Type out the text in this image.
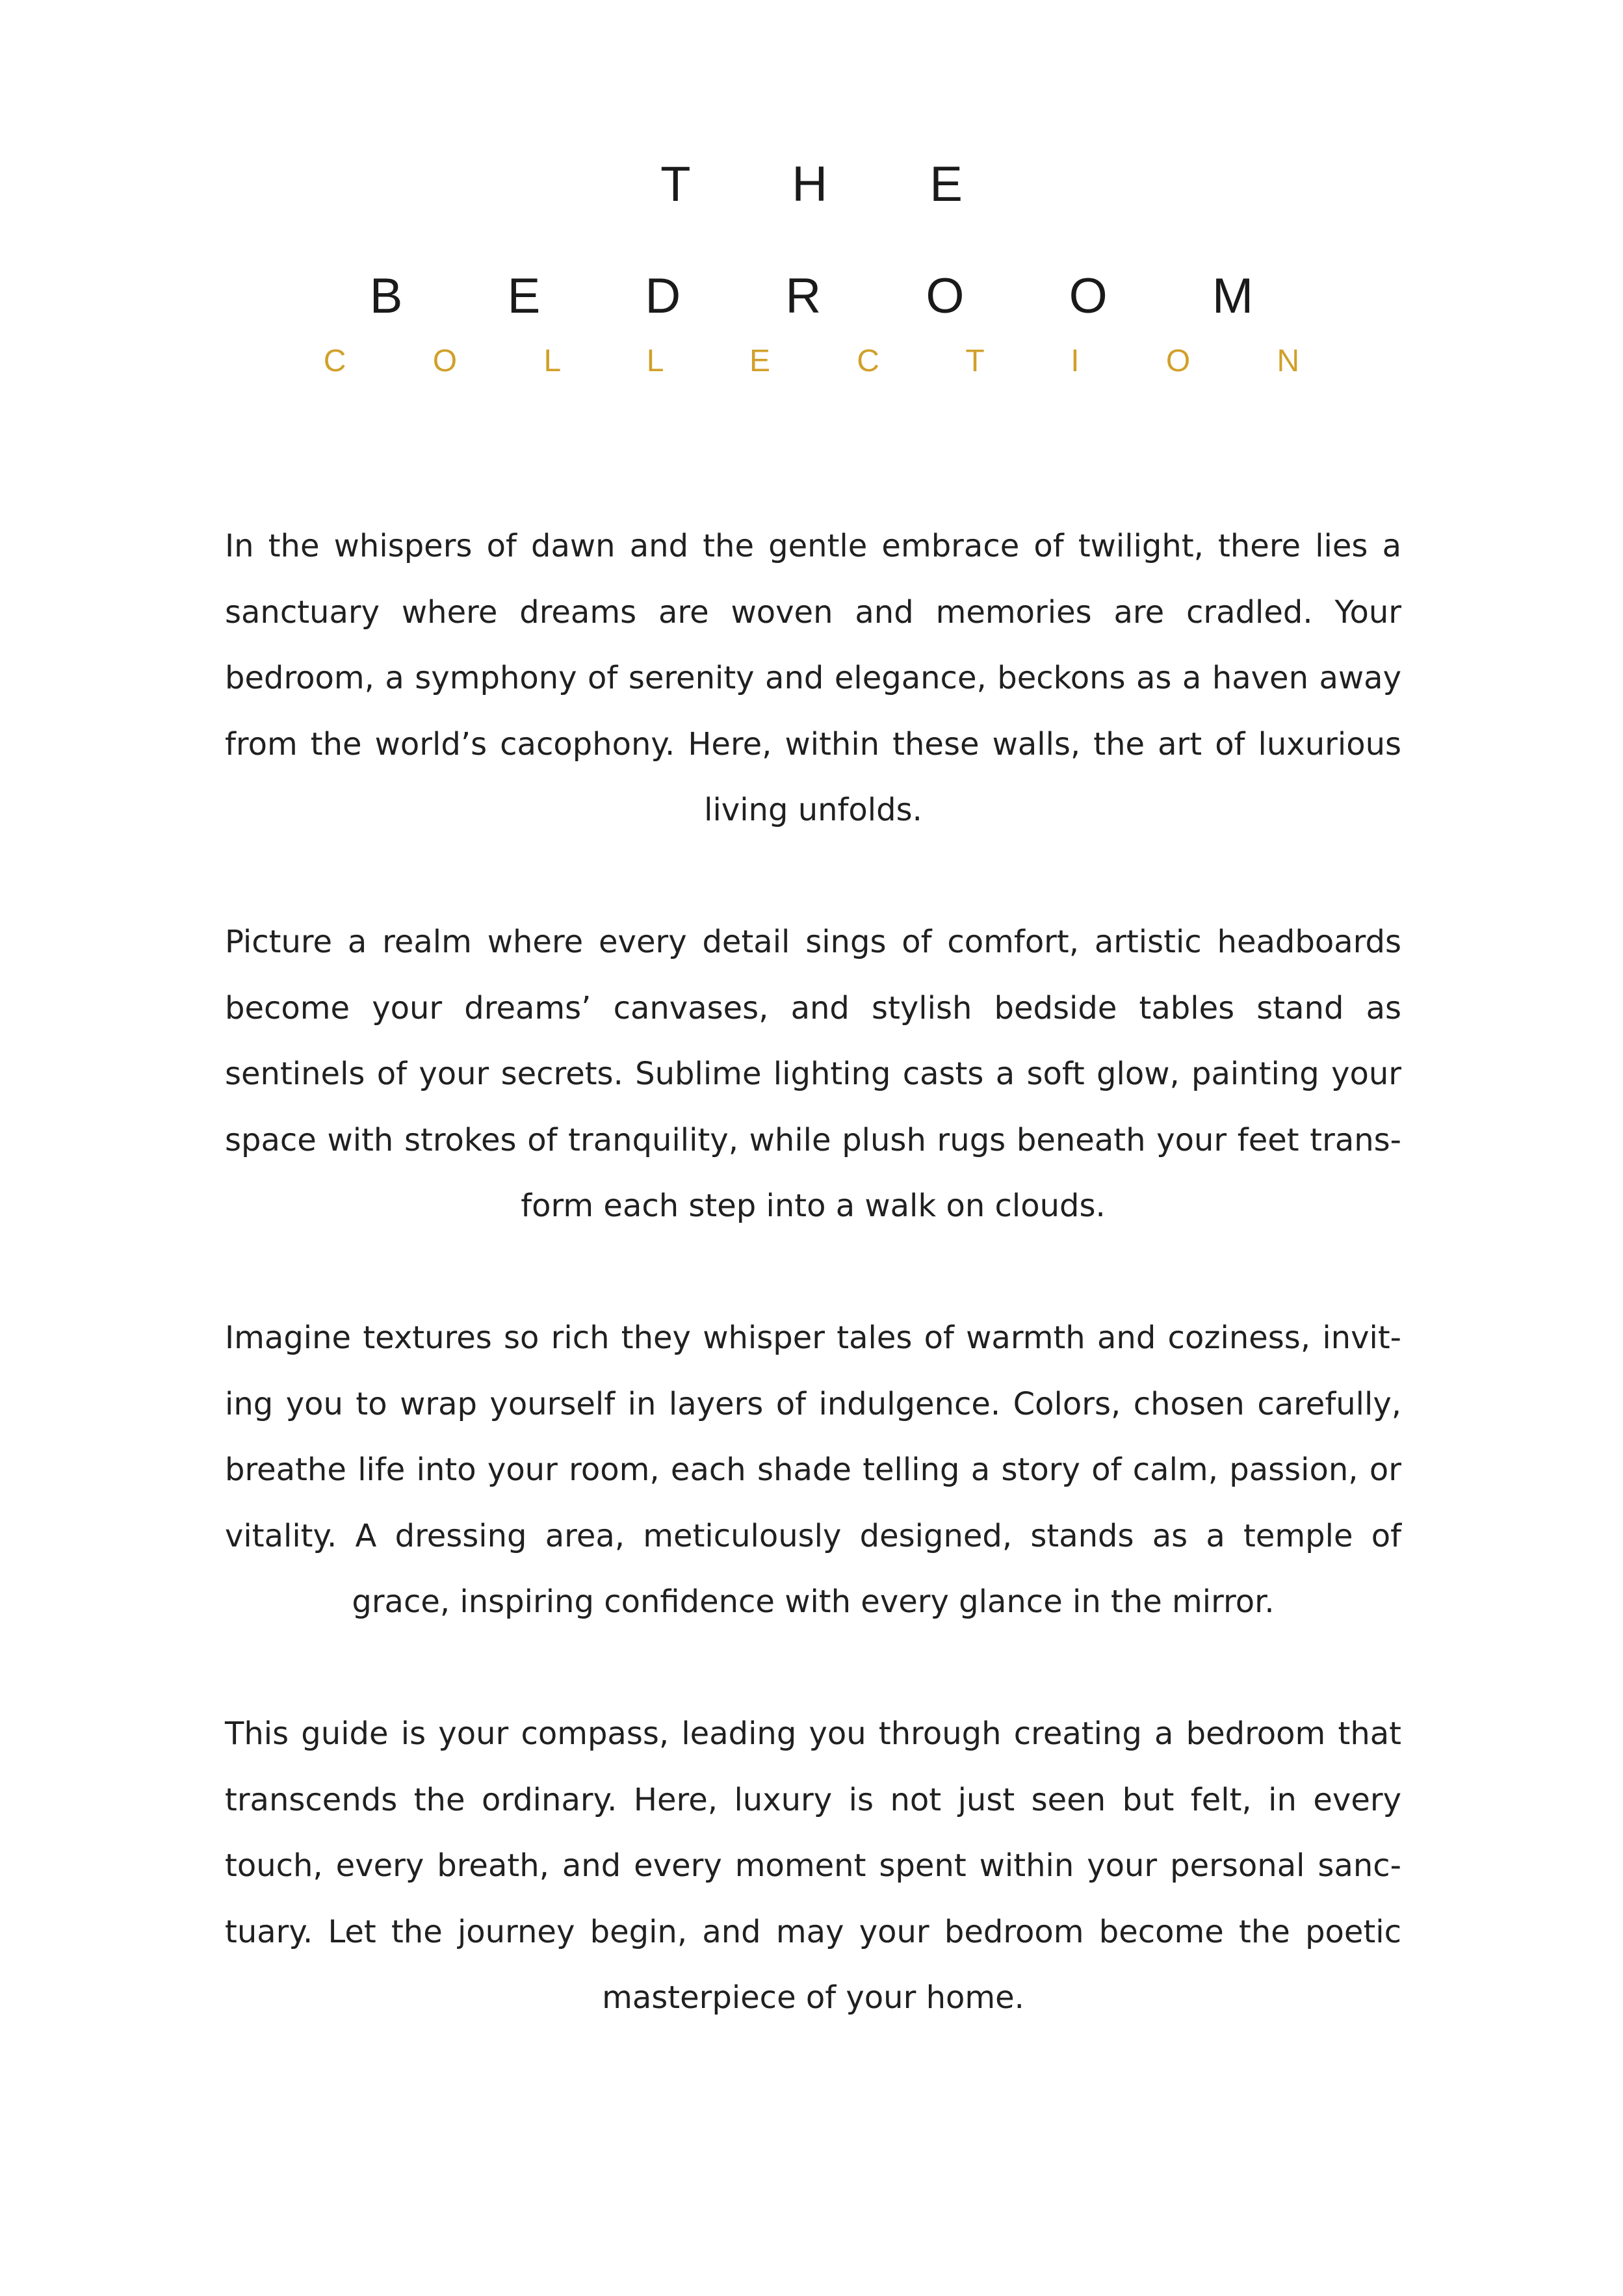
T H E
B E D R O O M
C O L L E C T I O N

In the whispers of dawn and the gentle embrace of twilight, there lies a sanctuary where dreams are woven and memories are cradled. Your bedroom, a symphony of serenity and elegance, beckons as a haven away from the world’s cacophony. Here, within these walls, the art of luxurious living unfolds.

Picture a realm where every detail sings of comfort, artistic headboards become your dreams’ canvases, and stylish bedside tables stand as sentinels of your secrets. Sublime lighting casts a soft glow, painting your space with strokes of tranquility, while plush rugs beneath your feet transform each step into a walk on clouds.

Imagine textures so rich they whisper tales of warmth and coziness, inviting you to wrap yourself in layers of indulgence. Colors, chosen carefully, breathe life into your room, each shade telling a story of calm, passion, or vitality. A dressing area, meticulously designed, stands as a temple of grace, inspiring confidence with every glance in the mirror.

This guide is your compass, leading you through creating a bedroom that transcends the ordinary. Here, luxury is not just seen but felt, in every touch, every breath, and every moment spent within your personal sanctuary. Let the journey begin, and may your bedroom become the poetic masterpiece of your home.
